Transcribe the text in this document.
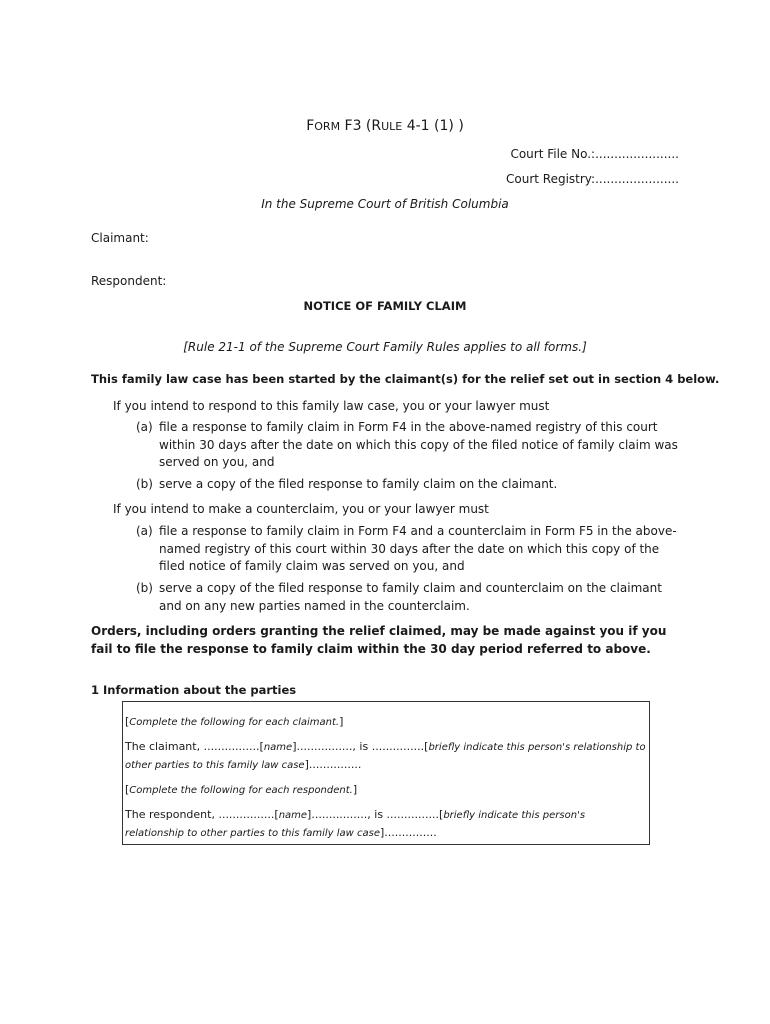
FORM F3 (RULE 4-1 (1) )
Court File No.:......................
Court Registry:......................
In the Supreme Court of British Columbia
Claimant:
Respondent:
NOTICE OF FAMILY CLAIM
[Rule 21-1 of the Supreme Court Family Rules applies to all forms.]
This family law case has been started by the claimant(s) for the relief set out in section 4 below.
If you intend to respond to this family law case, you or your lawyer must
(a) file a response to family claim in Form F4 in the above-named registry of this court within 30 days after the date on which this copy of the filed notice of family claim was served on you, and
(b) serve a copy of the filed response to family claim on the claimant.
If you intend to make a counterclaim, you or your lawyer must
(a) file a response to family claim in Form F4 and a counterclaim in Form F5 in the above-named registry of this court within 30 days after the date on which this copy of the filed notice of family claim was served on you, and
(b) serve a copy of the filed response to family claim and counterclaim on the claimant and on any new parties named in the counterclaim.
Orders, including orders granting the relief claimed, may be made against you if you fail to file the response to family claim within the 30 day period referred to above.
1 Information about the parties
[Complete the following for each claimant.]
The claimant, ................[name]................, is ...............[briefly indicate this person's relationship to
other parties to this family law case]...............
[Complete the following for each respondent.]
The respondent, ................[name]................, is ...............[briefly indicate this person's
relationship to other parties to this family law case]...............
